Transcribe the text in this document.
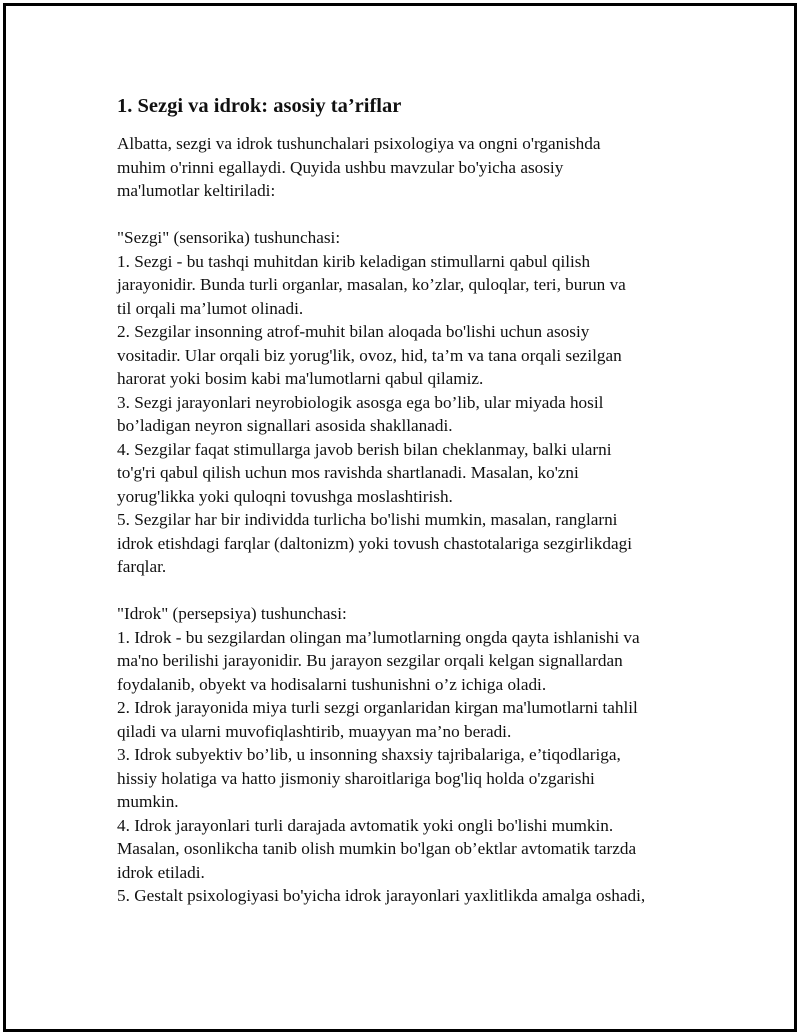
1. Sezgi va idrok: asosiy ta’riflar
Albatta, sezgi va idrok tushunchalari psixologiya va ongni o'rganishda
muhim o'rinni egallaydi. Quyida ushbu mavzular bo'yicha asosiy
ma'lumotlar keltiriladi:
"Sezgi" (sensorika) tushunchasi:
1. Sezgi - bu tashqi muhitdan kirib keladigan stimullarni qabul qilish
jarayonidir. Bunda turli organlar, masalan, ko’zlar, quloqlar, teri, burun va
til orqali ma’lumot olinadi.
2. Sezgilar insonning atrof-muhit bilan aloqada bo'lishi uchun asosiy
vositadir. Ular orqali biz yorug'lik, ovoz, hid, ta’m va tana orqali sezilgan
harorat yoki bosim kabi ma'lumotlarni qabul qilamiz.
3. Sezgi jarayonlari neyrobiologik asosga ega bo’lib, ular miyada hosil
bo’ladigan neyron signallari asosida shakllanadi.
4. Sezgilar faqat stimullarga javob berish bilan cheklanmay, balki ularni
to'g'ri qabul qilish uchun mos ravishda shartlanadi. Masalan, ko'zni
yorug'likka yoki quloqni tovushga moslashtirish.
5. Sezgilar har bir individda turlicha bo'lishi mumkin, masalan, ranglarni
idrok etishdagi farqlar (daltonizm) yoki tovush chastotalariga sezgirlikdagi
farqlar.
"Idrok" (persepsiya) tushunchasi:
1. Idrok - bu sezgilardan olingan ma’lumotlarning ongda qayta ishlanishi va
ma'no berilishi jarayonidir. Bu jarayon sezgilar orqali kelgan signallardan
foydalanib, obyekt va hodisalarni tushunishni o’z ichiga oladi.
2. Idrok jarayonida miya turli sezgi organlaridan kirgan ma'lumotlarni tahlil
qiladi va ularni muvofiqlashtirib, muayyan ma’no beradi.
3. Idrok subyektiv bo’lib, u insonning shaxsiy tajribalariga, e’tiqodlariga,
hissiy holatiga va hatto jismoniy sharoitlariga bog'liq holda o'zgarishi
mumkin.
4. Idrok jarayonlari turli darajada avtomatik yoki ongli bo'lishi mumkin.
Masalan, osonlikcha tanib olish mumkin bo'lgan ob’ektlar avtomatik tarzda
idrok etiladi.
5. Gestalt psixologiyasi bo'yicha idrok jarayonlari yaxlitlikda amalga oshadi,
